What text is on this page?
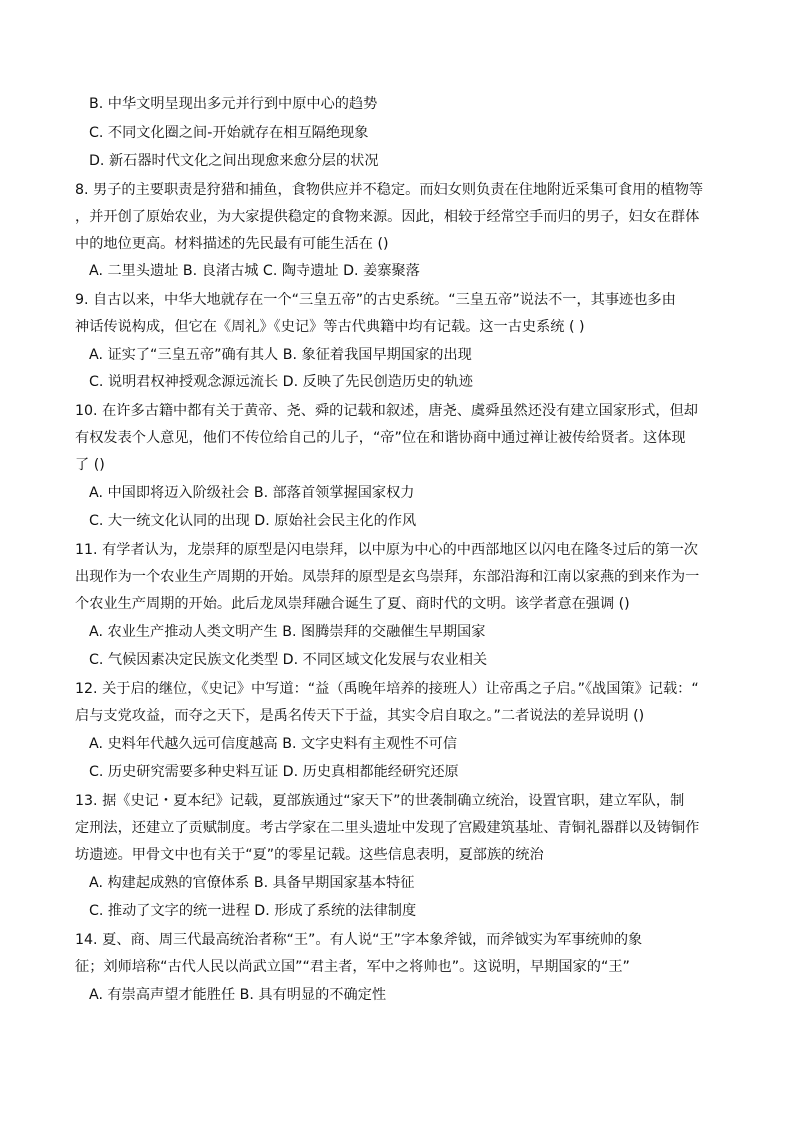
B. 中华文明呈现出多元并行到中原中心的趋势
C. 不同文化圈之间-开始就存在相互隔绝现象
D. 新石器时代文化之间出现愈来愈分层的状况
8. 男子的主要职责是狩猎和捕鱼，食物供应并不稳定。而妇女则负责在住地附近采集可食用的植物等
，并开创了原始农业，为大家提供稳定的食物来源。因此，相较于经常空手而归的男子，妇女在群体
中的地位更高。材料描述的先民最有可能生活在 ()
A. 二里头遗址 B. 良渚古城 C. 陶寺遗址 D. 姜寨聚落
9. 自古以来，中华大地就存在一个“三皇五帝”的古史系统。“三皇五帝”说法不一，其事迹也多由
神话传说构成，但它在《周礼》《史记》等古代典籍中均有记载。这一古史系统 ( )
A. 证实了“三皇五帝”确有其人 B. 象征着我国早期国家的出现
C. 说明君权神授观念源远流长 D. 反映了先民创造历史的轨迹
10. 在许多古籍中都有关于黄帝、尧、舜的记载和叙述，唐尧、虞舜虽然还没有建立国家形式，但却
有权发表个人意见，他们不传位给自己的儿子，“帝”位在和谐协商中通过禅让被传给贤者。这体现
了 ()
A. 中国即将迈入阶级社会 B. 部落首领掌握国家权力
C. 大一统文化认同的出现 D. 原始社会民主化的作风
11. 有学者认为，龙崇拜的原型是闪电崇拜，以中原为中心的中西部地区以闪电在隆冬过后的第一次
出现作为一个农业生产周期的开始。凤崇拜的原型是玄鸟崇拜，东部沿海和江南以家燕的到来作为一
个农业生产周期的开始。此后龙凤崇拜融合诞生了夏、商时代的文明。该学者意在强调 ()
A. 农业生产推动人类文明产生 B. 图腾崇拜的交融催生早期国家
C. 气候因素决定民族文化类型 D. 不同区域文化发展与农业相关
12. 关于启的继位，《史记》中写道：“益（禹晚年培养的接班人）让帝禹之子启。”《战国策》记载：“
启与支党攻益，而夺之天下，是禹名传天下于益，其实令启自取之。”二者说法的差异说明 ()
A. 史料年代越久远可信度越高 B. 文字史料有主观性不可信
C. 历史研究需要多种史料互证 D. 历史真相都能经研究还原
13. 据《史记・夏本纪》记载，夏部族通过“家天下”的世袭制确立统治，设置官职，建立军队，制
定刑法，还建立了贡赋制度。考古学家在二里头遗址中发现了宫殿建筑基址、青铜礼器群以及铸铜作
坊遗迹。甲骨文中也有关于“夏”的零星记载。这些信息表明，夏部族的统治
A. 构建起成熟的官僚体系 B. 具备早期国家基本特征
C. 推动了文字的统一进程 D. 形成了系统的法律制度
14. 夏、商、周三代最高统治者称“王”。有人说“王”字本象斧钺，而斧钺实为军事统帅的象
征；刘师培称“古代人民以尚武立国”“君主者，军中之将帅也”。这说明，早期国家的“王”
A. 有崇高声望才能胜任 B. 具有明显的不确定性
